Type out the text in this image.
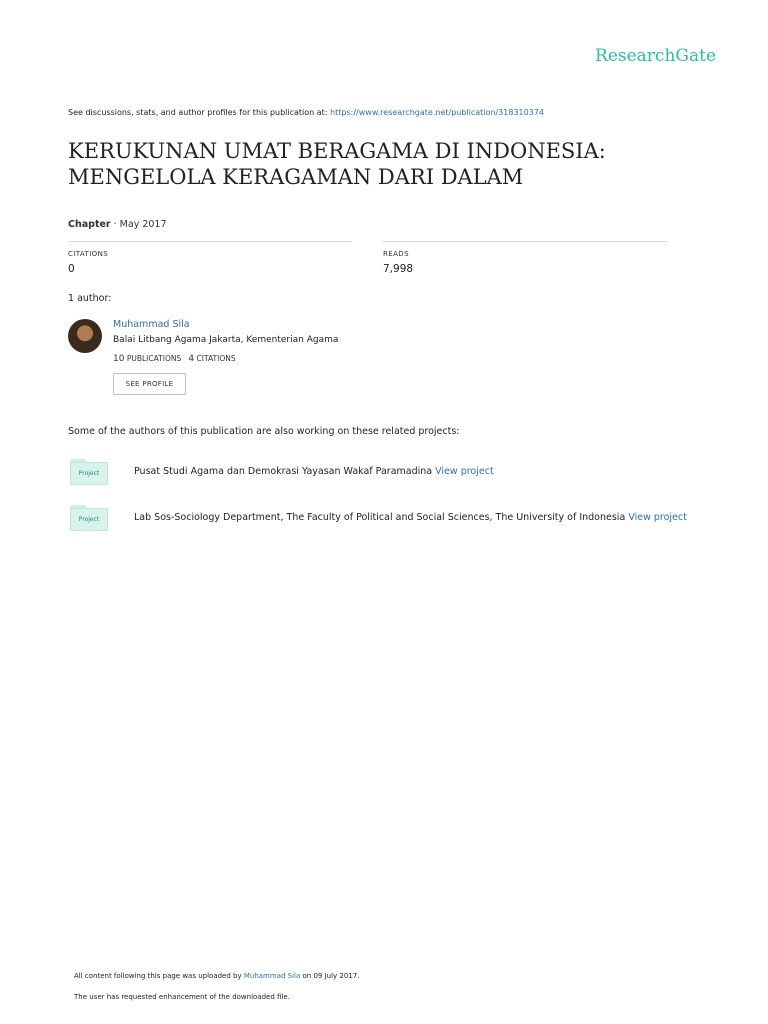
ResearchGate
See discussions, stats, and author profiles for this publication at: https://www.researchgate.net/publication/318310374
KERUKUNAN UMAT BERAGAMA DI INDONESIA:
MENGELOLA KERAGAMAN DARI DALAM
Chapter · May 2017
CITATIONS
0
READS
7,998
1 author:
Muhammad Sila
Balai Litbang Agama Jakarta, Kementerian Agama
10 PUBLICATIONS 4 CITATIONS
SEE PROFILE
Some of the authors of this publication are also working on these related projects:
Project	Pusat Studi Agama dan Demokrasi Yayasan Wakaf Paramadina View project
Project	Lab Sos-Sociology Department, The Faculty of Political and Social Sciences, The University of Indonesia View project
All content following this page was uploaded by Muhammad Sila on 09 July 2017.
The user has requested enhancement of the downloaded file.
